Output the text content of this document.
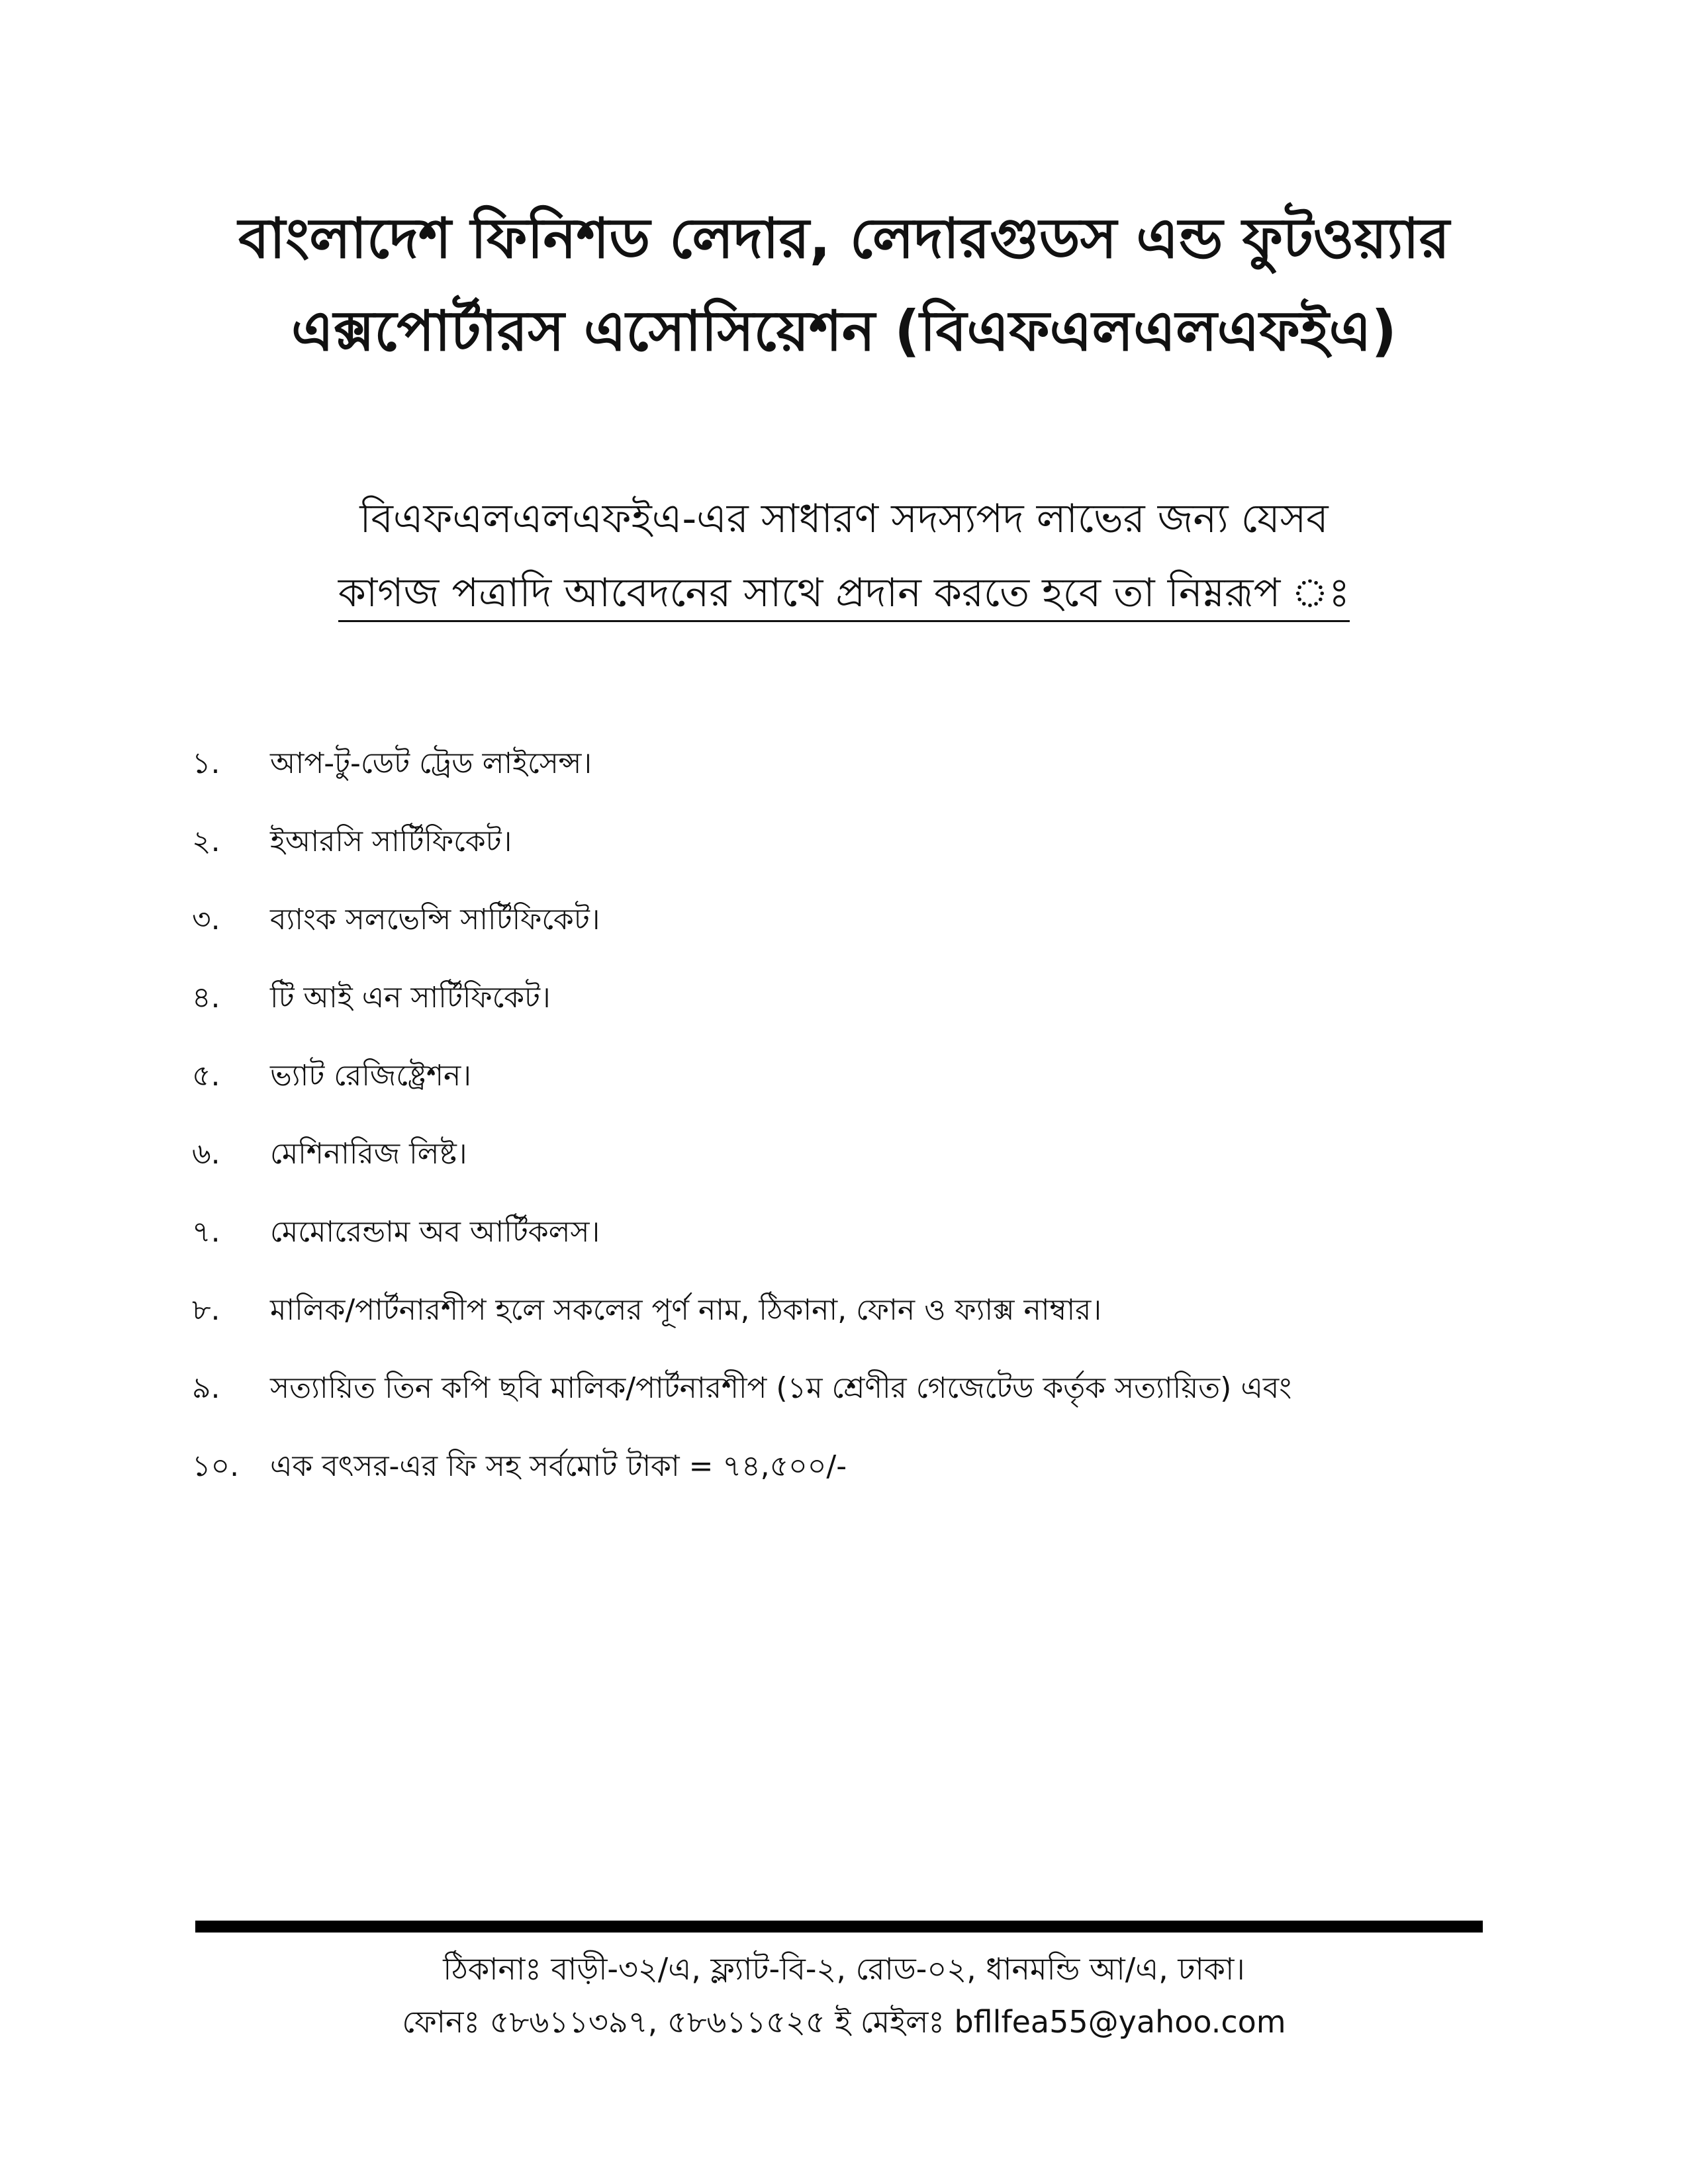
বাংলাদেশ ফিনিশড লেদার, লেদারগুডস এন্ড ফুটওয়্যার
এক্সপোর্টারস এসোসিয়েশন (বিএফএলএলএফইএ)
বিএফএলএলএফইএ-এর সাধারণ সদস্যপদ লাভের জন্য যেসব
কাগজ পত্রাদি আবেদনের সাথে প্রদান করতে হবে তা নিম্নরূপ ঃ
১.	আপ-টু-ডেট ট্রেড লাইসেন্স।
২.	ইআরসি সার্টিফিকেট।
৩.	ব্যাংক সলভেন্সি সার্টিফিকেট।
৪.	টি আই এন সার্টিফিকেট।
৫.	ভ্যাট রেজিষ্ট্রেশন।
৬.	মেশিনারিজ লিষ্ট।
৭.	মেমোরেন্ডাম অব আর্টিকলস।
৮.	মালিক/পার্টনারশীপ হলে সকলের পূর্ণ নাম, ঠিকানা, ফোন ও ফ্যাক্স নাম্বার।
৯.	সত্যায়িত তিন কপি ছবি মালিক/পার্টনারশীপ (১ম শ্রেণীর গেজেটেড কর্তৃক সত্যায়িত) এবং
১০.	এক বৎসর-এর ফি সহ সর্বমোট টাকা = ৭৪,৫০০/-
ঠিকানাঃ বাড়ী-৩২/এ, ফ্ল্যাট-বি-২, রোড-০২, ধানমন্ডি আ/এ, ঢাকা।
ফোনঃ ৫৮৬১১৩৯৭, ৫৮৬১১৫২৫ ই মেইলঃ bfllfea55@yahoo.com
